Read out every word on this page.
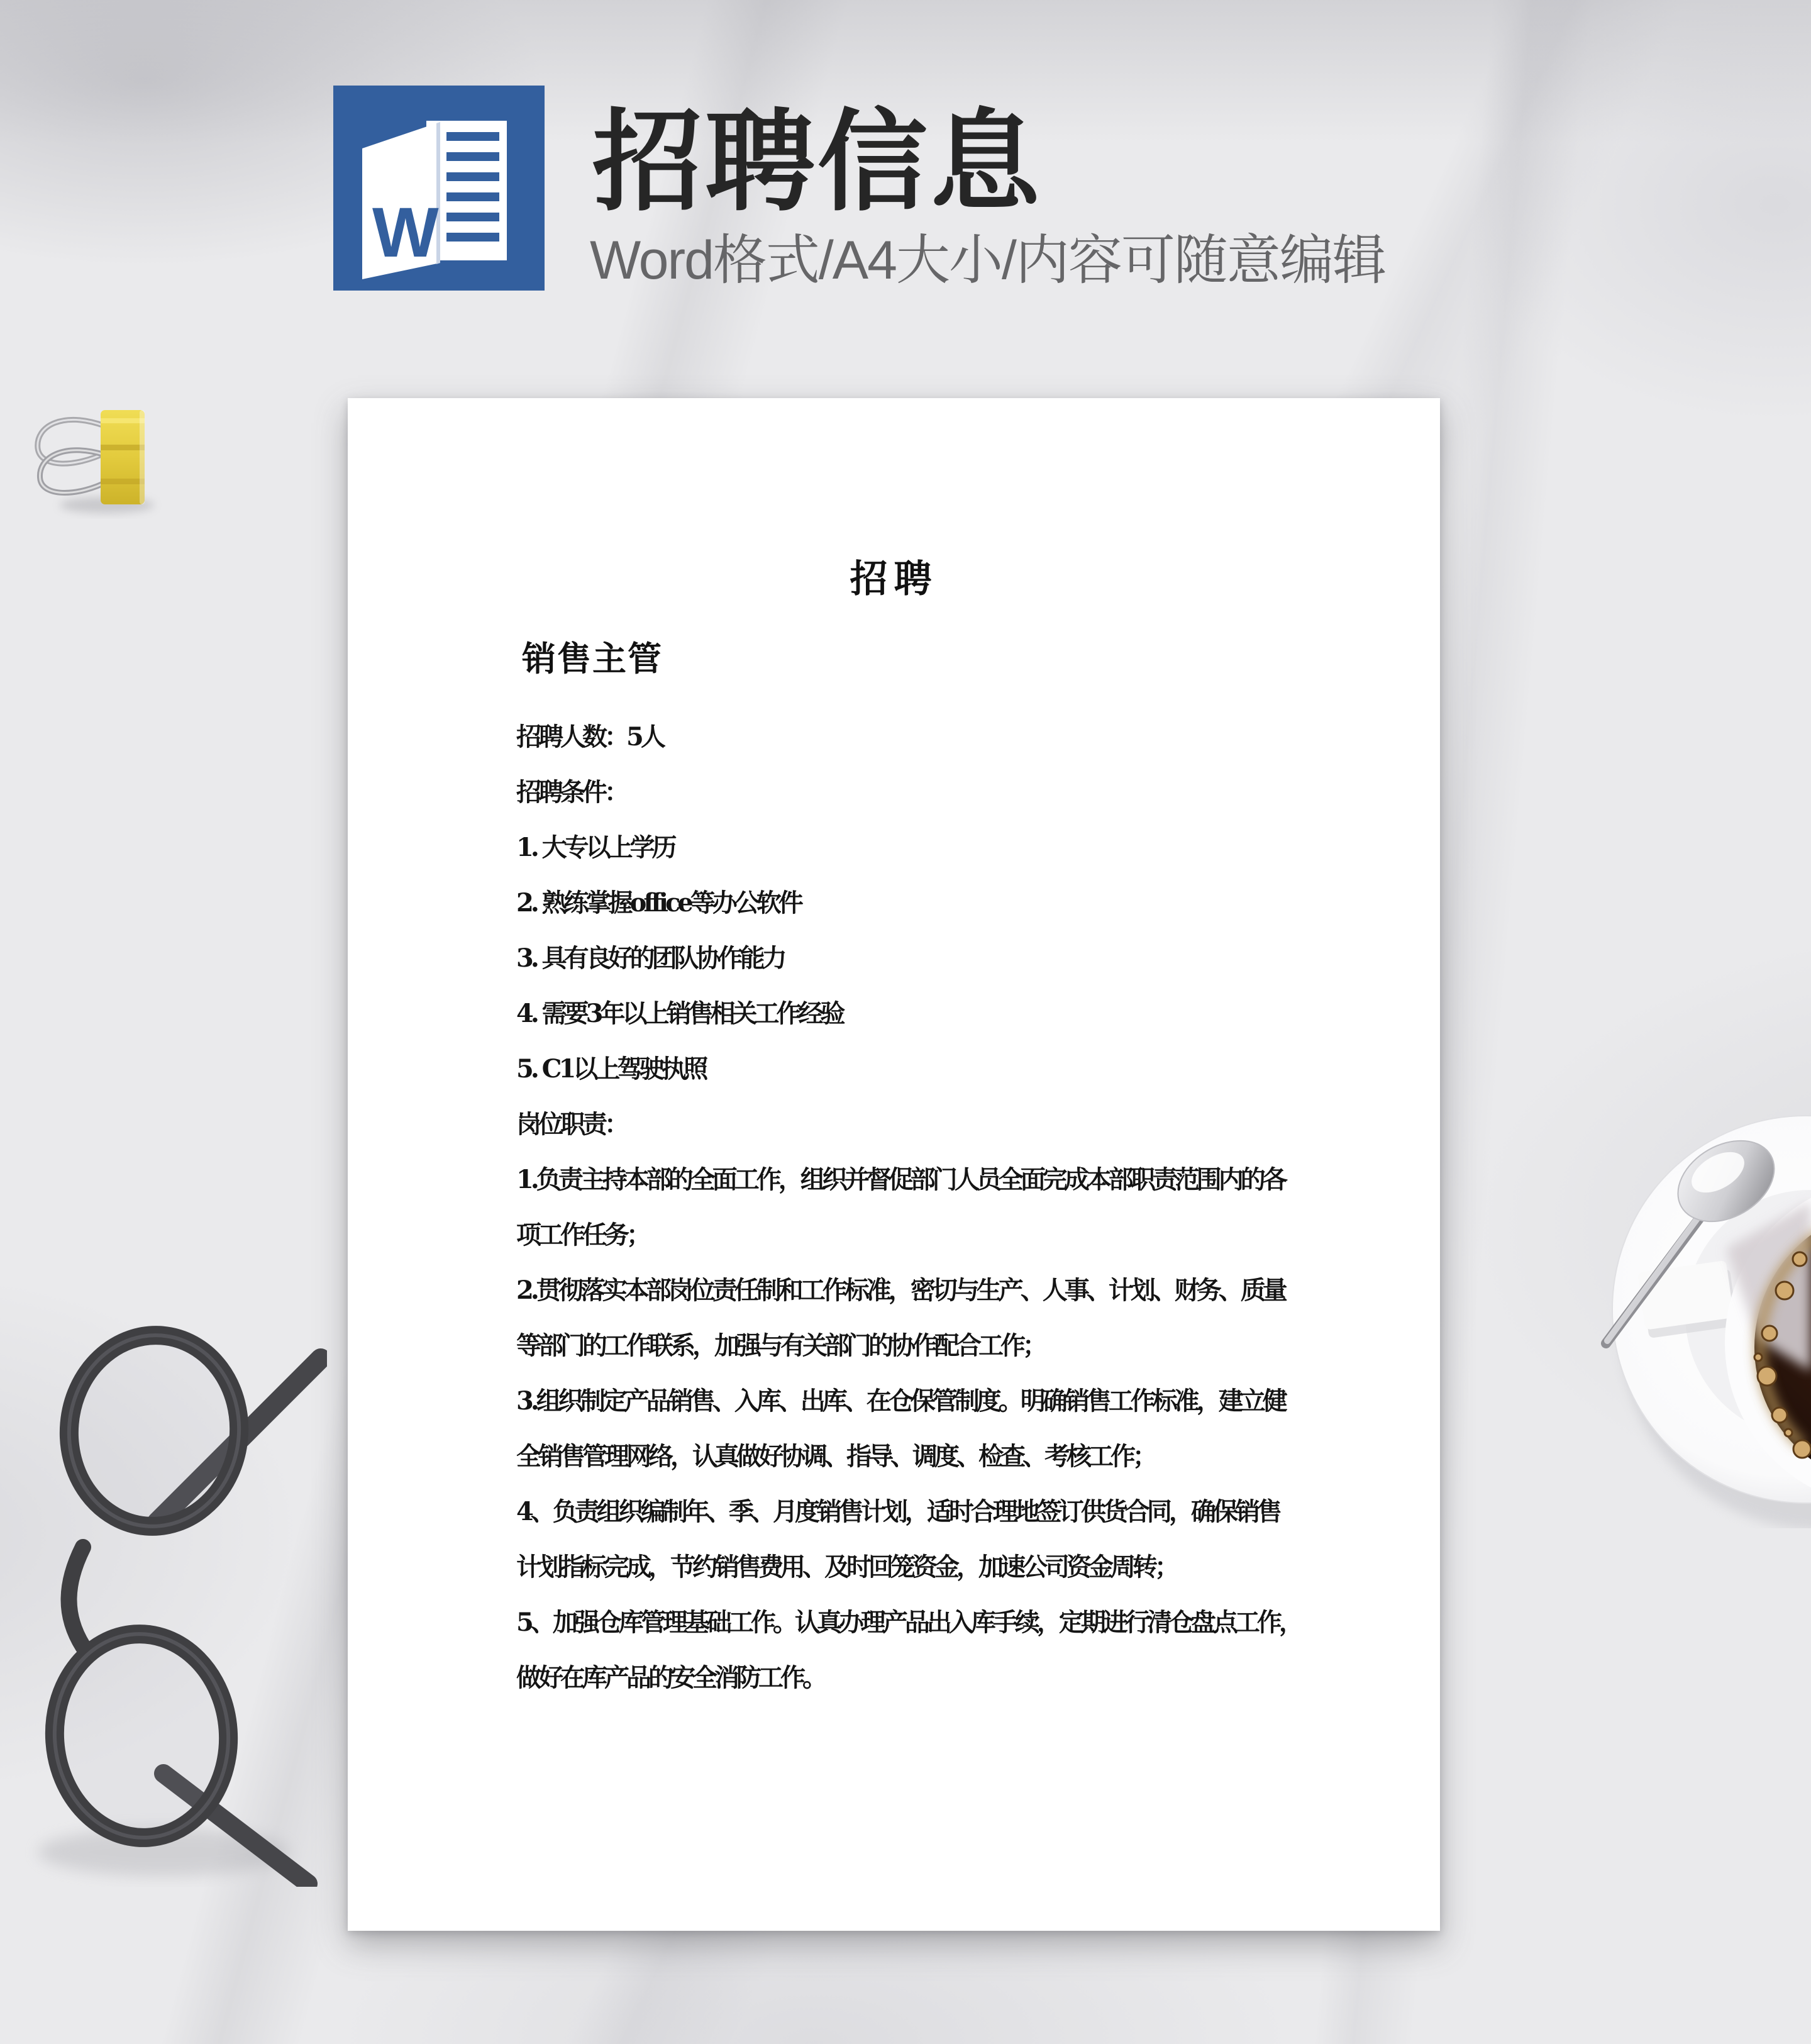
W
招聘信息
Word格式/A4大小/内容可随意编辑
招聘
销售主管
招聘人数：5人
招聘条件：
1. 大专以上学历
2. 熟练掌握office等办公软件
3. 具有良好的团队协作能力
4. 需要3年以上销售相关工作经验
5. C1以上驾驶执照
岗位职责：
1.负责主持本部的全面工作，组织并督促部门人员全面完成本部职责范围内的各
项工作任务；
2.贯彻落实本部岗位责任制和工作标准，密切与生产、人事、计划、财务、质量
等部门的工作联系，加强与有关部门的协作配合工作；
3.组织制定产品销售、入库、出库、在仓保管制度。明确销售工作标准，建立健
全销售管理网络，认真做好协调、指导、调度、检查、考核工作；
4、负责组织编制年、季、月度销售计划，适时合理地签订供货合同，确保销售
计划指标完成，节约销售费用、及时回笼资金，加速公司资金周转；
5、加强仓库管理基础工作。认真办理产品出入库手续，定期进行清仓盘点工作，
做好在库产品的安全消防工作。
